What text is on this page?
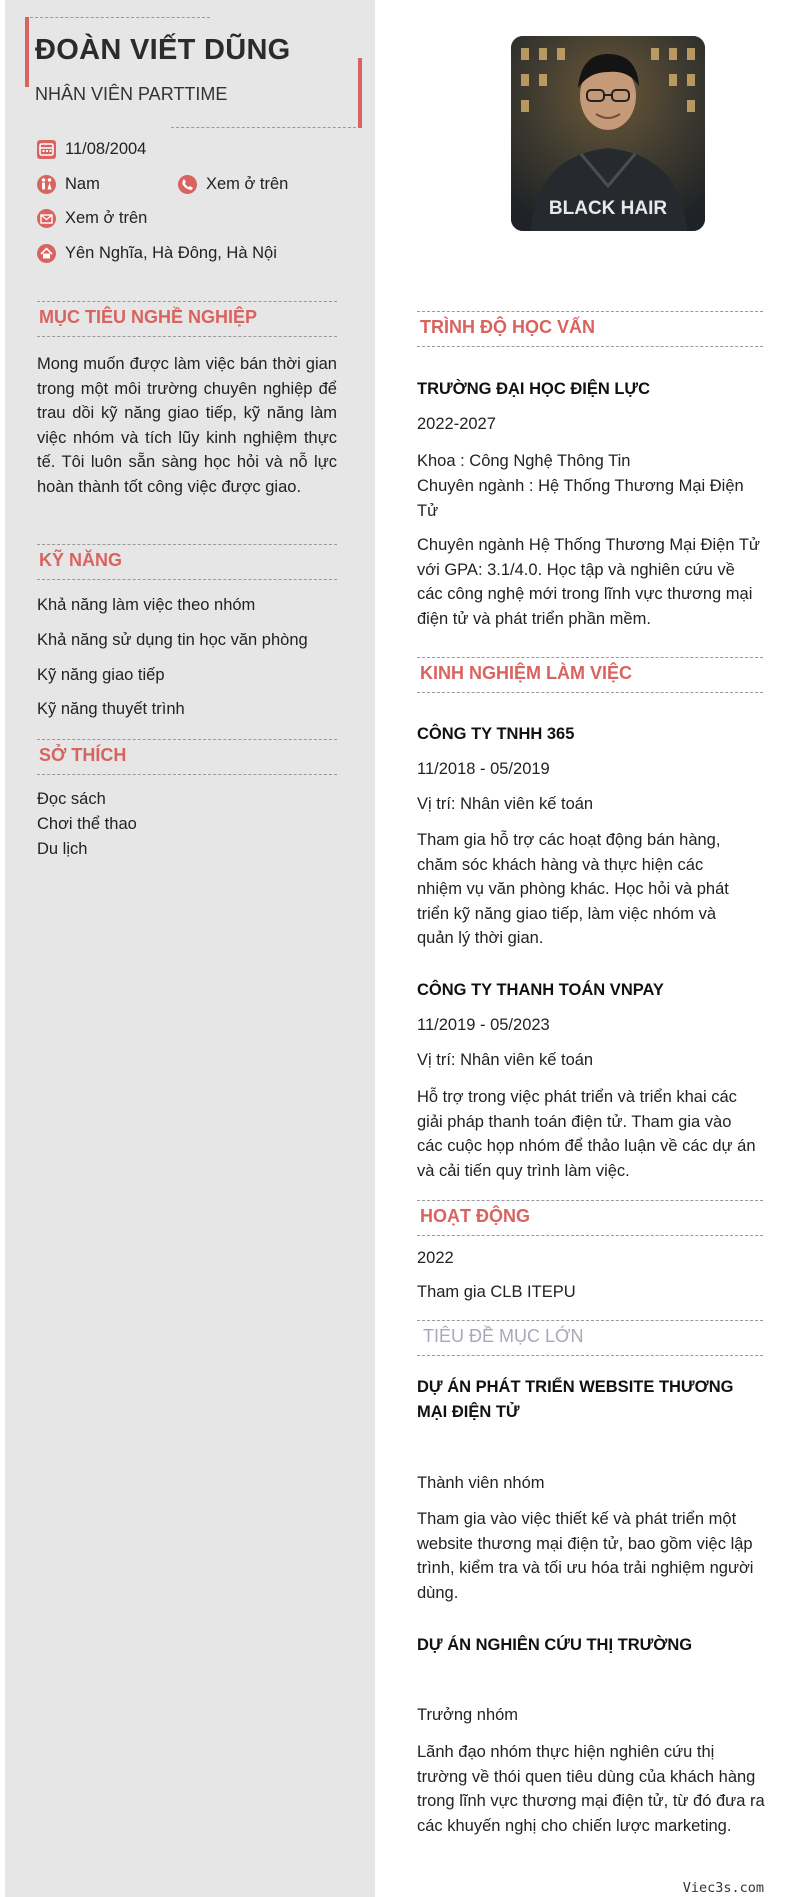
ĐOÀN VIẾT DŨNG
NHÂN VIÊN PARTTIME
11/08/2004
Nam	Xem ở trên
Xem ở trên
Yên Nghĩa, Hà Đông, Hà Nội
MỤC TIÊU NGHỀ NGHIỆP
Mong muốn được làm việc bán thời gian trong một môi trường chuyên nghiệp để trau dồi kỹ năng giao tiếp, kỹ năng làm việc nhóm và tích lũy kinh nghiệm thực tế. Tôi luôn sẵn sàng học hỏi và nỗ lực hoàn thành tốt công việc được giao.
KỸ NĂNG
Khả năng làm việc theo nhóm
Khả năng sử dụng tin học văn phòng
Kỹ năng giao tiếp
Kỹ năng thuyết trình
SỞ THÍCH
Đọc sách
Chơi thể thao
Du lịch
BLACK HAIR
TRÌNH ĐỘ HỌC VẤN
TRƯỜNG ĐẠI HỌC ĐIỆN LỰC
2022-2027
Khoa : Công Nghệ Thông Tin
Chuyên ngành : Hệ Thống Thương Mại Điện Tử
Chuyên ngành Hệ Thống Thương Mại Điện Tử với GPA: 3.1/4.0. Học tập và nghiên cứu về các công nghệ mới trong lĩnh vực thương mại điện tử và phát triển phần mềm.
KINH NGHIỆM LÀM VIỆC
CÔNG TY TNHH 365
11/2018 - 05/2019
Vị trí: Nhân viên kế toán
Tham gia hỗ trợ các hoạt động bán hàng, chăm sóc khách hàng và thực hiện các nhiệm vụ văn phòng khác. Học hỏi và phát triển kỹ năng giao tiếp, làm việc nhóm và quản lý thời gian.
CÔNG TY THANH TOÁN VNPAY
11/2019 - 05/2023
Vị trí: Nhân viên kế toán
Hỗ trợ trong việc phát triển và triển khai các giải pháp thanh toán điện tử. Tham gia vào các cuộc họp nhóm để thảo luận về các dự án và cải tiến quy trình làm việc.
HOẠT ĐỘNG
2022
Tham gia CLB ITEPU
TIÊU ĐỀ MỤC LỚN
DỰ ÁN PHÁT TRIỂN WEBSITE THƯƠNG MẠI ĐIỆN TỬ
Thành viên nhóm
Tham gia vào việc thiết kế và phát triển một website thương mại điện tử, bao gồm việc lập trình, kiểm tra và tối ưu hóa trải nghiệm người dùng.
DỰ ÁN NGHIÊN CỨU THỊ TRƯỜNG
Trưởng nhóm
Lãnh đạo nhóm thực hiện nghiên cứu thị trường về thói quen tiêu dùng của khách hàng trong lĩnh vực thương mại điện tử, từ đó đưa ra các khuyến nghị cho chiến lược marketing.
Viec3s.com
